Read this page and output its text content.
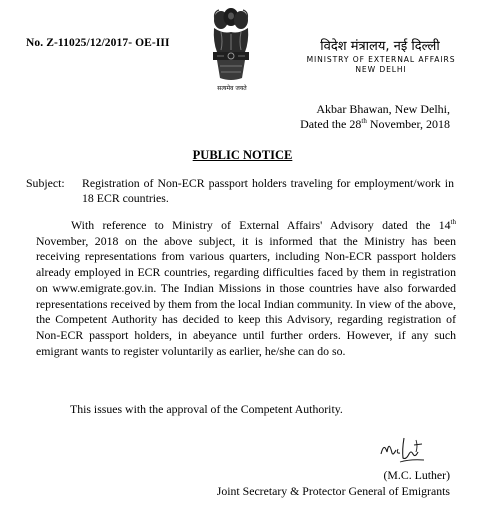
No. Z-11025/12/2017- OE-III
सत्यमेव जयते
विदेश मंत्रालय, नई दिल्ली
MINISTRY OF EXTERNAL AFFAIRS
NEW DELHI
Akbar Bhawan, New Delhi,
Dated the 28th November, 2018
PUBLIC NOTICE
Subject:	Registration of Non-ECR passport holders traveling for employment/work in 18 ECR countries.
With reference to Ministry of External Affairs' Advisory dated the 14th November, 2018 on the above subject, it is informed that the Ministry has been receiving representations from various quarters, including Non-ECR passport holders already employed in ECR countries, regarding difficulties faced by them in registration on www.emigrate.gov.in. The Indian Missions in those countries have also forwarded representations received by them from the local Indian community. In view of the above, the Competent Authority has decided to keep this Advisory, regarding registration of Non-ECR passport holders, in abeyance until further orders. However, if any such emigrant wants to register voluntarily as earlier, he/she can do so.
This issues with the approval of the Competent Authority.
(M.C. Luther)
Joint Secretary & Protector General of Emigrants
